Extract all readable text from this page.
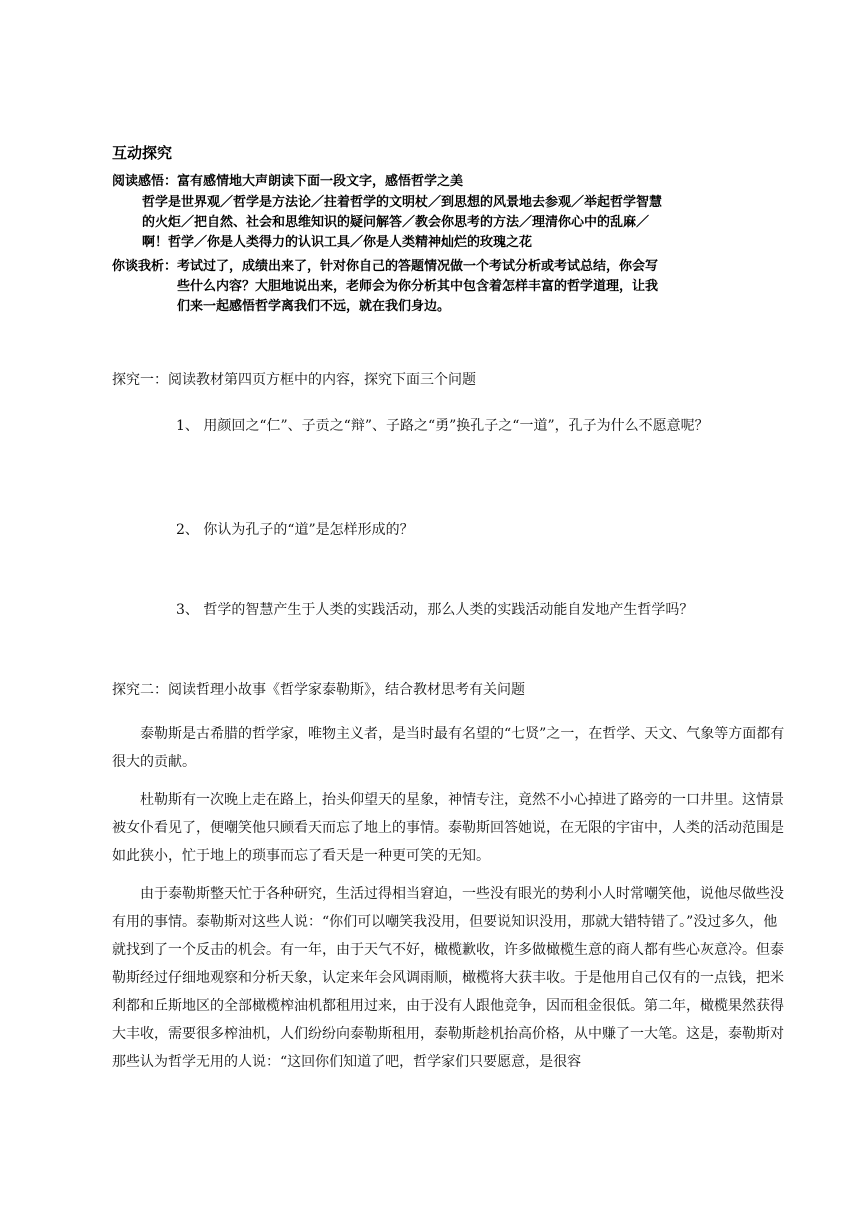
互动探究

阅读感悟：富有感情地大声朗读下面一段文字，感悟哲学之美

哲学是世界观／哲学是方法论／拄着哲学的文明杖／到思想的风景地去参观／举起哲学智慧的火炬／把自然、社会和思维知识的疑问解答／教会你思考的方法／理清你心中的乱麻／啊！哲学／你是人类得力的认识工具／你是人类精神灿烂的玫瑰之花

你谈我析： 考试过了，成绩出来了，针对你自己的答题情况做一个考试分析或考试总结，你会写些什么内容？大胆地说出来，老师会为你分析其中包含着怎样丰富的哲学道理，让我们来一起感悟哲学离我们不远，就在我们身边。

探究一：阅读教材第四页方框中的内容，探究下面三个问题

1、 用颜回之“仁”、子贡之“辩”、子路之“勇”换孔子之“一道”，孔子为什么不愿意呢？

2、 你认为孔子的“道”是怎样形成的？

3、 哲学的智慧产生于人类的实践活动，那么人类的实践活动能自发地产生哲学吗？

探究二：阅读哲理小故事《哲学家泰勒斯》，结合教材思考有关问题

泰勒斯是古希腊的哲学家，唯物主义者，是当时最有名望的“七贤”之一，在哲学、天文、气象等方面都有很大的贡献。

杜勒斯有一次晚上走在路上，抬头仰望天的星象，神情专注，竟然不小心掉进了路旁的一口井里。这情景被女仆看见了，便嘲笑他只顾看天而忘了地上的事情。泰勒斯回答她说，在无限的宇宙中，人类的活动范围是如此狭小，忙于地上的琐事而忘了看天是一种更可笑的无知。

由于泰勒斯整天忙于各种研究，生活过得相当窘迫，一些没有眼光的势利小人时常嘲笑他，说他尽做些没有用的事情。泰勒斯对这些人说：“你们可以嘲笑我没用，但要说知识没用，那就大错特错了。”没过多久，他就找到了一个反击的机会。有一年，由于天气不好，橄榄歉收，许多做橄榄生意的商人都有些心灰意冷。但泰勒斯经过仔细地观察和分析天象，认定来年会风调雨顺，橄榄将大获丰收。于是他用自己仅有的一点钱，把米利都和丘斯地区的全部橄榄榨油机都租用过来，由于没有人跟他竞争，因而租金很低。第二年，橄榄果然获得大丰收，需要很多榨油机，人们纷纷向泰勒斯租用，泰勒斯趁机抬高价格，从中赚了一大笔。这是，泰勒斯对那些认为哲学无用的人说：“这回你们知道了吧，哲学家们只要愿意，是很容
